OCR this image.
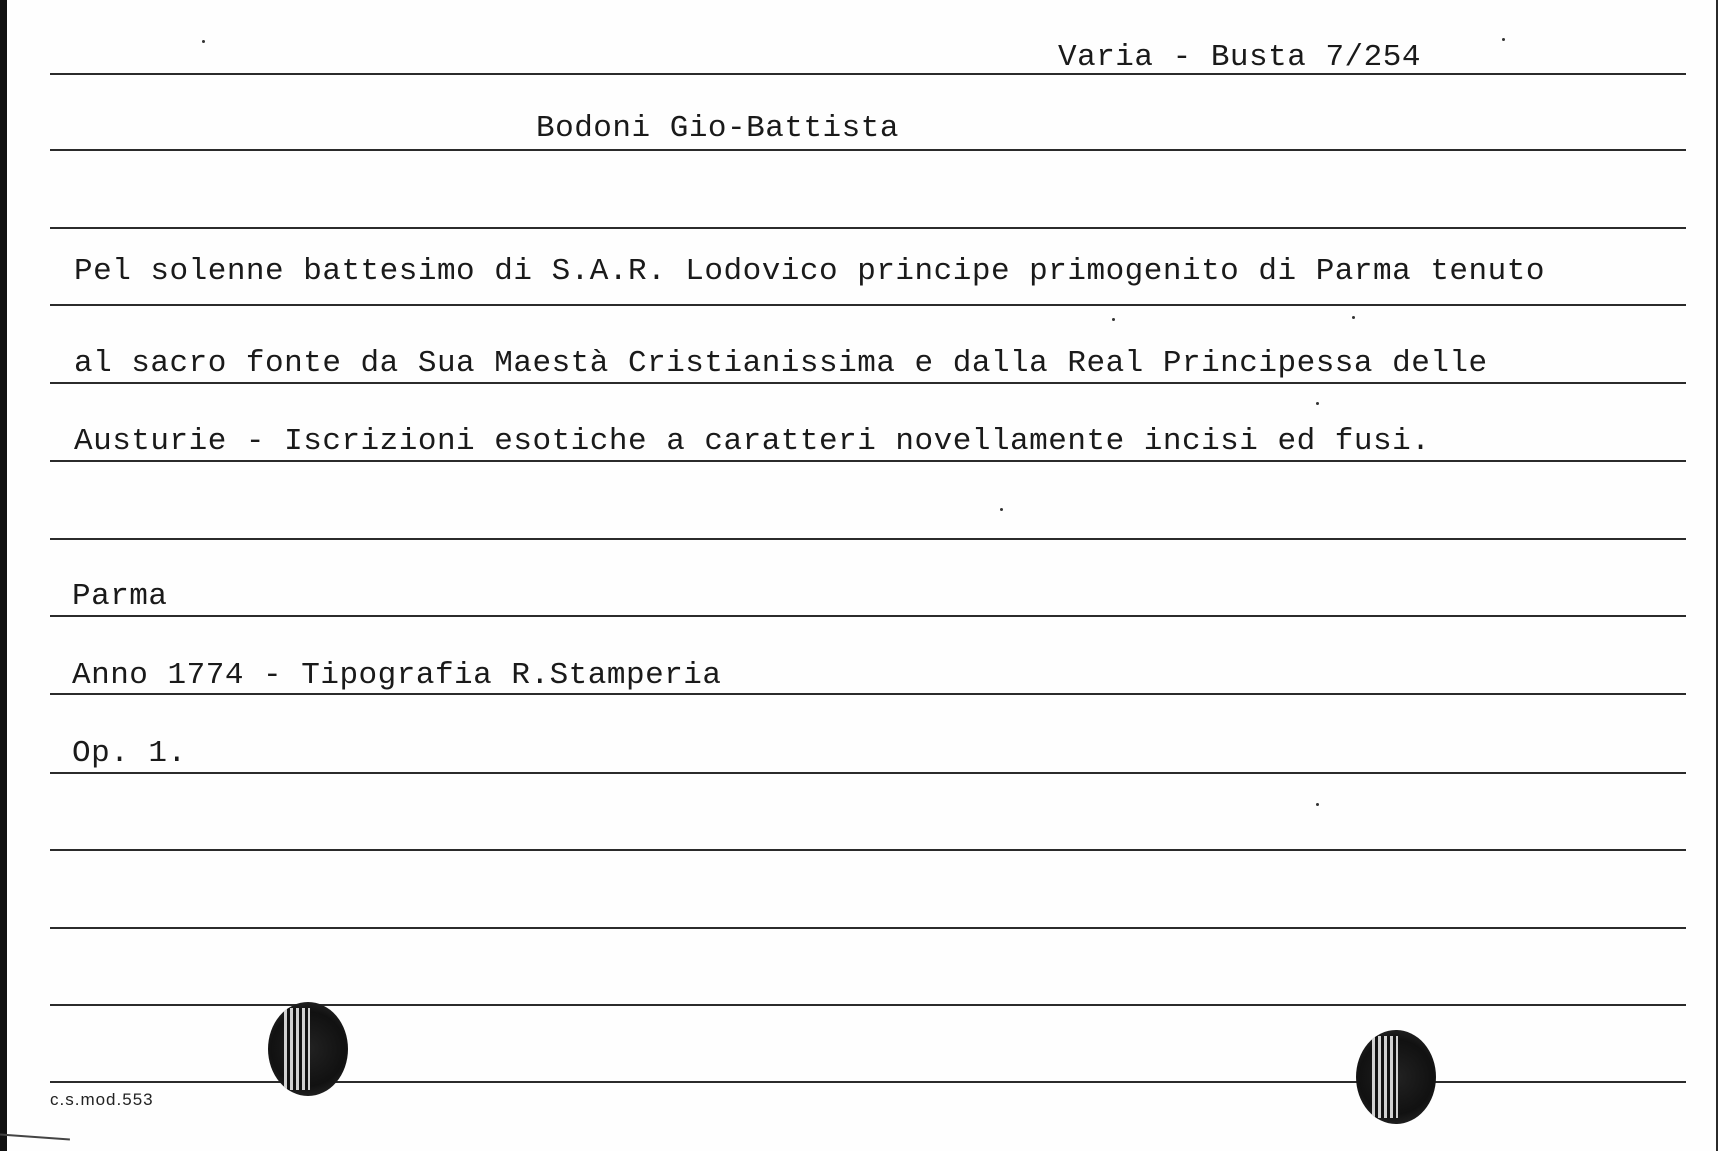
Varia - Busta 7/254
Bodoni Gio-Battista
Pel solenne battesimo di S.A.R. Lodovico principe primogenito di Parma tenuto
al sacro fonte da Sua Maestà Cristianissima e dalla Real Principessa delle
Austurie - Iscrizioni esotiche a caratteri novellamente incisi ed fusi.
Parma
Anno 1774 - Tipografia R.Stamperia
Op. 1.
c.s.mod.553
